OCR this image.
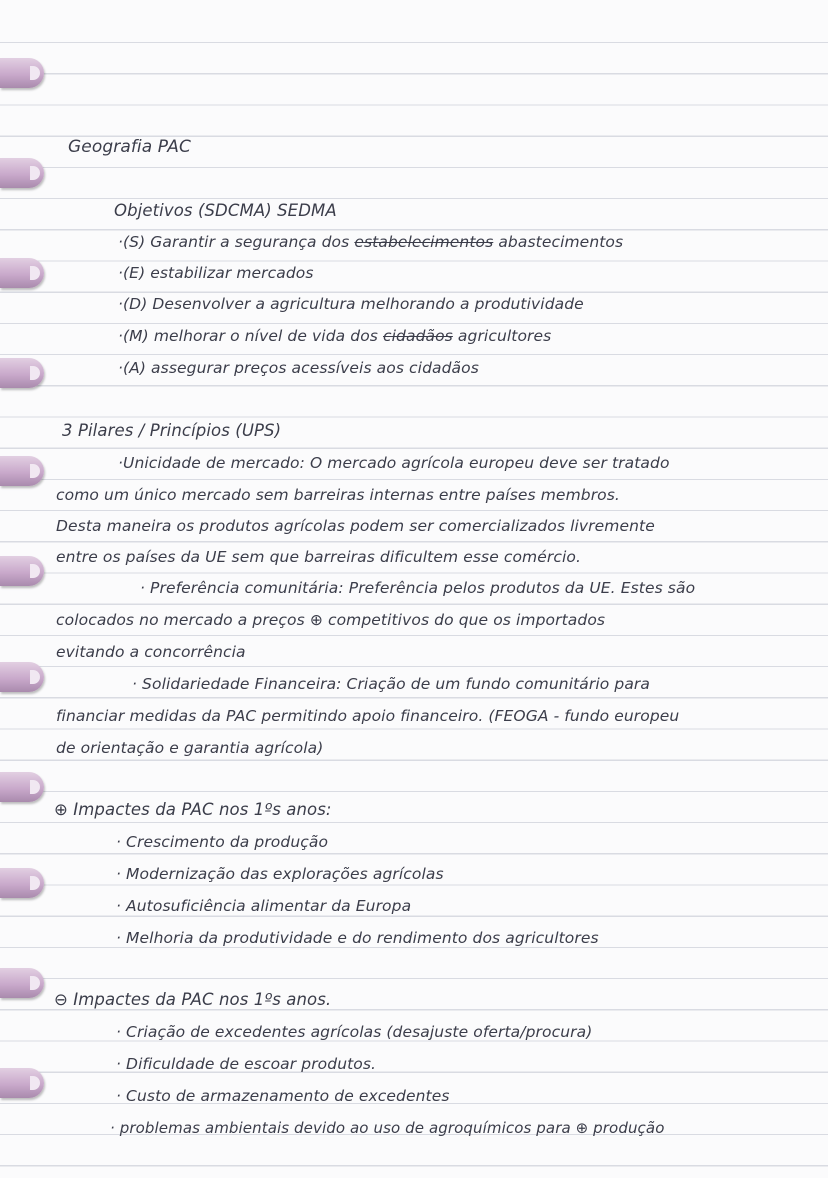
Geografia PAC
Objetivos (SDCMA) SEDMA
·(S) Garantir a segurança dos estabelecimentos abastecimentos
·(E) estabilizar mercados
·(D) Desenvolver a agricultura melhorando a produtividade
·(M) melhorar o nível de vida dos cidadãos agricultores
·(A) assegurar preços acessíveis aos cidadãos
3 Pilares / Princípios (UPS)
·Unicidade de mercado: O mercado agrícola europeu deve ser tratado
como um único mercado sem barreiras internas entre países membros.
Desta maneira os produtos agrícolas podem ser comercializados livremente
entre os países da UE sem que barreiras dificultem esse comércio.
· Preferência comunitária: Preferência pelos produtos da UE. Estes são
colocados no mercado a preços ⊕ competitivos do que os importados
evitando a concorrência
· Solidariedade Financeira: Criação de um fundo comunitário para
financiar medidas da PAC permitindo apoio financeiro. (FEOGA - fundo europeu
de orientação e garantia agrícola)
⊕ Impactes da PAC nos 1ºs anos:
· Crescimento da produção
· Modernização das explorações agrícolas
· Autosuficiência alimentar da Europa
· Melhoria da produtividade e do rendimento dos agricultores
⊖ Impactes da PAC nos 1ºs anos.
· Criação de excedentes agrícolas (desajuste oferta/procura)
· Dificuldade de escoar produtos.
· Custo de armazenamento de excedentes
· problemas ambientais devido ao uso de agroquímicos para ⊕ produção
